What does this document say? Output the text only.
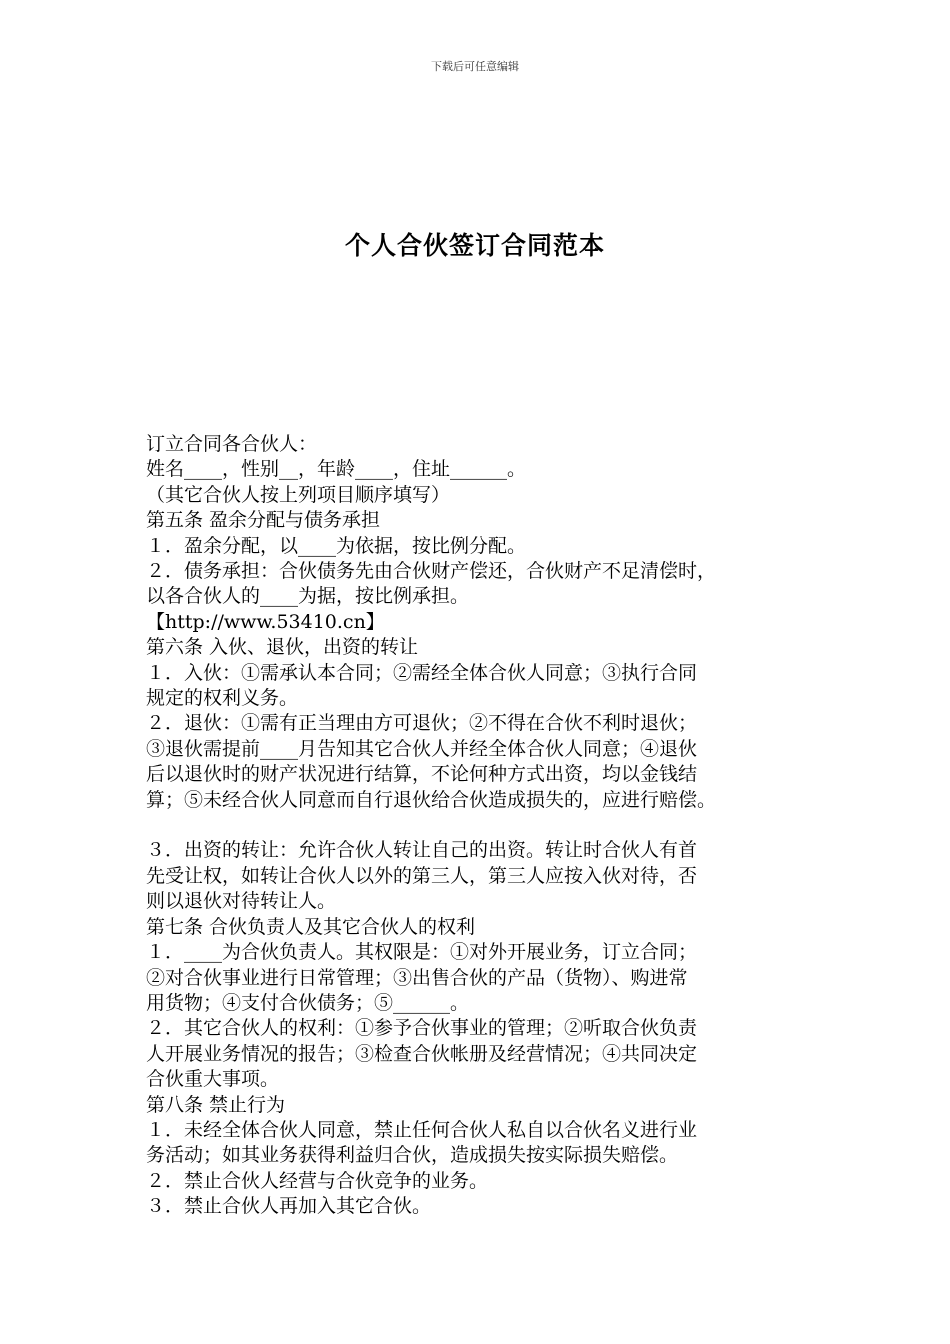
下载后可任意编辑
个人合伙签订合同范本
订立合同各合伙人：
姓名____，性别__，年龄____，住址______。
（其它合伙人按上列项目顺序填写）
第五条 盈余分配与债务承担
１．盈余分配，以____为依据，按比例分配。
２．债务承担：合伙债务先由合伙财产偿还，合伙财产不足清偿时，
以各合伙人的____为据，按比例承担。
【http://www.53410.cn】
第六条 入伙、退伙，出资的转让
１．入伙：①需承认本合同；②需经全体合伙人同意；③执行合同
规定的权利义务。
２．退伙：①需有正当理由方可退伙；②不得在合伙不利时退伙；
③退伙需提前____月告知其它合伙人并经全体合伙人同意；④退伙
后以退伙时的财产状况进行结算，不论何种方式出资，均以金钱结
算；⑤未经合伙人同意而自行退伙给合伙造成损失的，应进行赔偿。
３．出资的转让：允许合伙人转让自己的出资。转让时合伙人有首
先受让权，如转让合伙人以外的第三人，第三人应按入伙对待，否
则以退伙对待转让人。
第七条 合伙负责人及其它合伙人的权利
１．____为合伙负责人。其权限是：①对外开展业务，订立合同；
②对合伙事业进行日常管理；③出售合伙的产品（货物）、购进常
用货物；④支付合伙债务；⑤______。
２．其它合伙人的权利：①参予合伙事业的管理；②听取合伙负责
人开展业务情况的报告；③检查合伙帐册及经营情况；④共同决定
合伙重大事项。
第八条 禁止行为
１．未经全体合伙人同意，禁止任何合伙人私自以合伙名义进行业
务活动；如其业务获得利益归合伙，造成损失按实际损失赔偿。
２．禁止合伙人经营与合伙竞争的业务。
３．禁止合伙人再加入其它合伙。
